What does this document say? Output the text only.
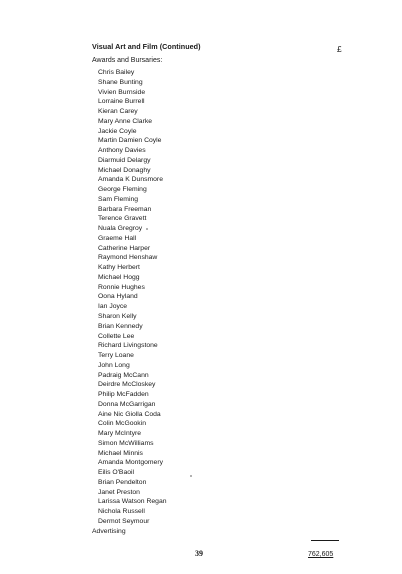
Visual Art and Film (Continued)	£
Awards and Bursaries:
Chris Bailey
Shane Bunting
Vivien Burnside
Lorraine Burrell
Kieran Carey
Mary Anne Clarke
Jackie Coyle
Martin Damien Coyle
Anthony Davies
Diarmuid Delargy
Michael Donaghy
Amanda K Dunsmore
George Fleming
Sam Fleming
Barbara Freeman
Terence Gravett
Nuala Gregroy
Graeme Hall
Catherine Harper
Raymond Henshaw
Kathy Herbert
Michael Hogg
Ronnie Hughes
Oona Hyland
Ian Joyce
Sharon Kelly
Brian Kennedy
Collette Lee
Richard Livingstone
Terry Loane
John Long
Padraig McCann
Deirdre McCloskey
Philip McFadden
Donna McGarrigan
Aine Nic Giolla Coda
Colin McGookin
Mary McIntyre
Simon McWilliams
Michael Minnis
Amanda Montgomery
Eilis O'Baoil
Brian Pendelton
Janet Preston
Larissa Watson Regan
Nichola Russell
Dermot Seymour
Advertising
39	762,605
